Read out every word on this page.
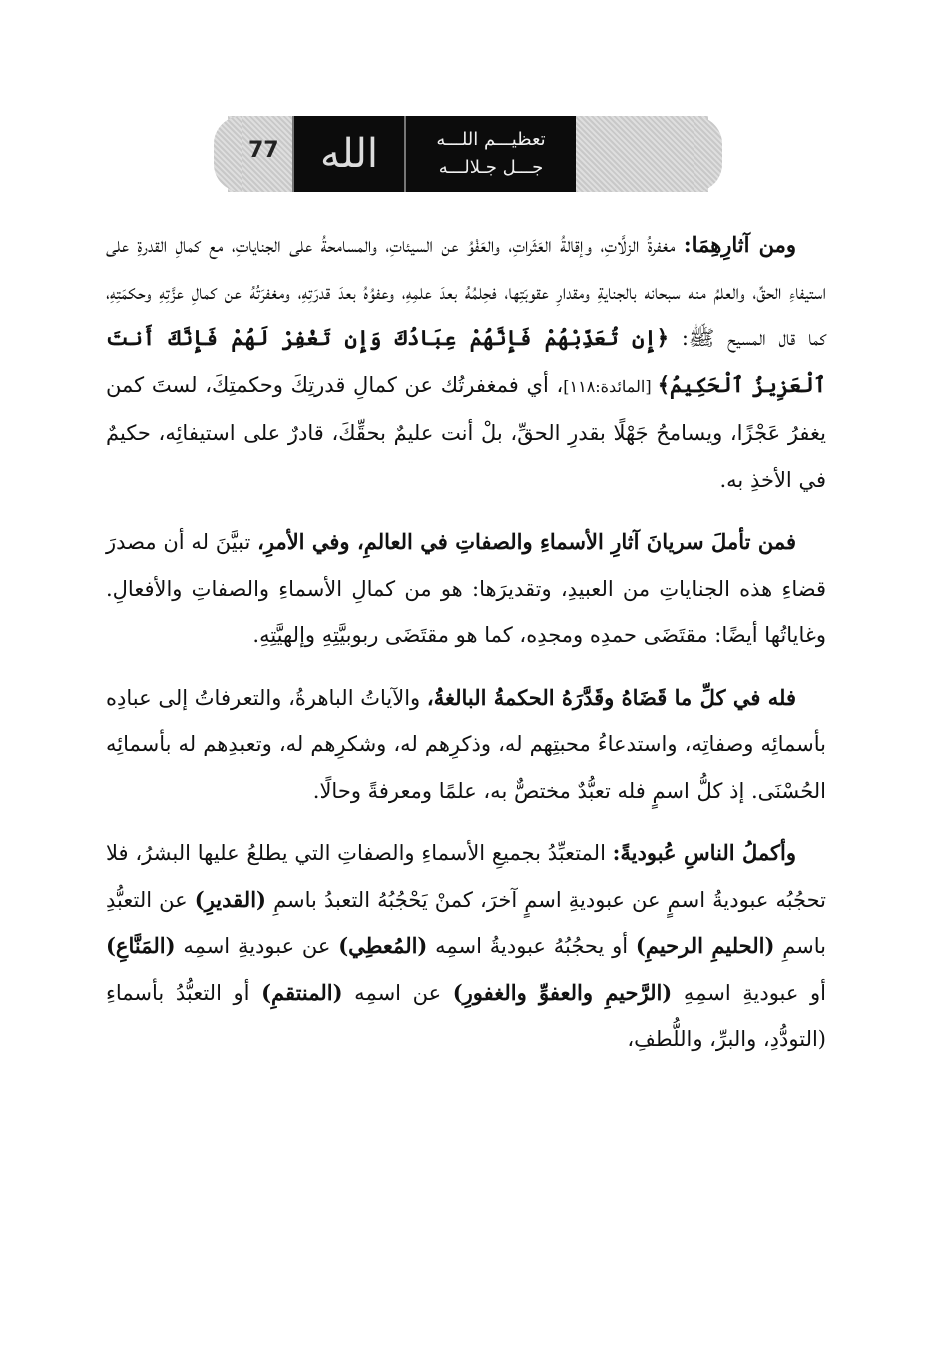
77 الله	تعظيـــم اللـــه
جـــل جـلالـــه

ومن آثارِهِمَا: مغفرةُ الزلَّاتِ، وإقالةُ العَثَراتِ، والعَفْوُ عن السيئاتِ، والمسامحةُ على الجناياتِ، مع كمالِ القدرةِ على استيفاءِ الحقِّ، والعلمُ منه سبحانه بالجنايةِ ومقدارِ عقوبَتِها، فحِلمُهُ بعدَ علمِهِ، وعفوُهُ بعدَ قدرَتِهِ، ومغفرَتُهُ عن كمالِ عزَّتِهِ وحكمَتِهِ، كما قال المسيح ﷺ: ﴿إِن تُعَذِّبْهُمْ فَإِنَّهُمْ عِبَادُكَ وَإِن تَغْفِرْ لَهُمْ فَإِنَّكَ أَنتَ ٱلْعَزِيزُ ٱلْحَكِيمُ﴾ [المائدة:١١٨]، أي فمغفرتُك عن كمالِ قدرتِكَ وحكمتِكَ، لستَ كمن يغفرُ عَجْزًا، ويسامحُ جَهْلًا بقدرِ الحقِّ، بلْ أنت عليمٌ بحقِّكَ، قادرٌ على استيفائِه، حكيمٌ في الأخذِ به.

فمن تأملَ سريانَ آثارِ الأسماءِ والصفاتِ في العالمِ، وفي الأمرِ، تبيَّنَ له أن مصدرَ قضاءِ هذه الجناياتِ من العبيدِ، وتقديرَها: هو من كمالِ الأسماءِ والصفاتِ والأفعالِ. وغاياتُها أيضًا: مقتَضَى حمدِه ومجدِه، كما هو مقتَضَى ربوبيَّتِهِ وإلهيَّتِهِ.

فله في كلِّ ما قَضَاهُ وقَدَّرَهُ الحكمةُ البالغةُ، والآياتُ الباهرةُ، والتعرفاتُ إلى عبادِه بأسمائِه وصفاتِه، واستدعاءُ محبتِهم له، وذكرِهم له، وشكرِهم له، وتعبدِهم له بأسمائِه الحُسْنَى. إذ كلُّ اسمٍ فله تعبُّدٌ مختصٌّ به، علمًا ومعرفةً وحالًا.

وأكملُ الناسِ عُبوديةً: المتعبِّدُ بجميعِ الأسماءِ والصفاتِ التي يطلعُ عليها البشرُ، فلا تحجُبُه عبوديةُ اسمٍ عن عبوديةِ اسمٍ آخرَ، كمنْ يَحْجُبُهُ التعبدُ باسمِ (القديرِ) عن التعبُّدِ باسمِ (الحليمِ الرحيمِ) أو يحجُبُهُ عبوديةُ اسمِه (المُعطِي) عن عبوديةِ اسمِه (المَنَّاعِ) أو عبوديةِ اسمِهِ (الرَّحيمِ والعفوِّ والغفورِ) عن اسمِه (المنتقمِ) أو التعبُّدُ بأسماءِ (التودُّدِ، والبرِّ، واللُّطفِ،
